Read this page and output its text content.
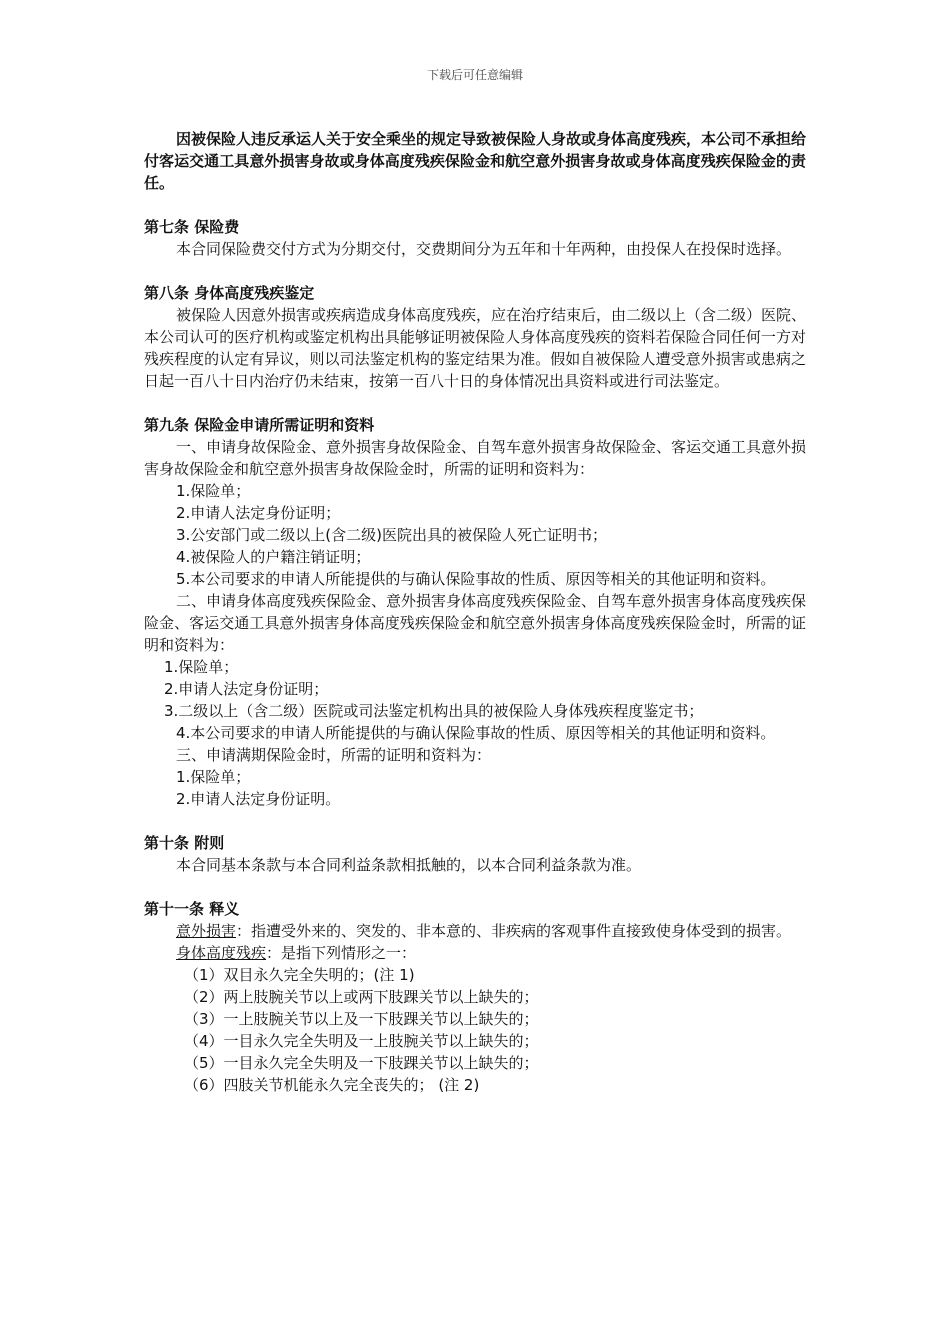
下载后可任意编辑

因被保险人违反承运人关于安全乘坐的规定导致被保险人身故或身体高度残疾，本公司不承担给付客运交通工具意外损害身故或身体高度残疾保险金和航空意外损害身故或身体高度残疾保险金的责任。

第七条 保险费

本合同保险费交付方式为分期交付，交费期间分为五年和十年两种，由投保人在投保时选择。

第八条 身体高度残疾鉴定

被保险人因意外损害或疾病造成身体高度残疾，应在治疗结束后，由二级以上（含二级）医院、本公司认可的医疗机构或鉴定机构出具能够证明被保险人身体高度残疾的资料若保险合同任何一方对残疾程度的认定有异议，则以司法鉴定机构的鉴定结果为准。假如自被保险人遭受意外损害或患病之日起一百八十日内治疗仍未结束，按第一百八十日的身体情况出具资料或进行司法鉴定。

第九条 保险金申请所需证明和资料

一、申请身故保险金、意外损害身故保险金、自驾车意外损害身故保险金、客运交通工具意外损害身故保险金和航空意外损害身故保险金时，所需的证明和资料为：

1.保险单；

2.申请人法定身份证明；

3.公安部门或二级以上(含二级)医院出具的被保险人死亡证明书；

4.被保险人的户籍注销证明；

5.本公司要求的申请人所能提供的与确认保险事故的性质、原因等相关的其他证明和资料。

二、申请身体高度残疾保险金、意外损害身体高度残疾保险金、自驾车意外损害身体高度残疾保险金、客运交通工具意外损害身体高度残疾保险金和航空意外损害身体高度残疾保险金时，所需的证明和资料为：

1.保险单；

2.申请人法定身份证明；

3.二级以上（含二级）医院或司法鉴定机构出具的被保险人身体残疾程度鉴定书；

4.本公司要求的申请人所能提供的与确认保险事故的性质、原因等相关的其他证明和资料。

三、申请满期保险金时，所需的证明和资料为：

1.保险单；

2.申请人法定身份证明。

第十条 附则

本合同基本条款与本合同利益条款相抵触的，以本合同利益条款为准。

第十一条 释义

意外损害：指遭受外来的、突发的、非本意的、非疾病的客观事件直接致使身体受到的损害。

身体高度残疾：是指下列情形之一：

（1）双目永久完全失明的；(注 1)

（2）两上肢腕关节以上或两下肢踝关节以上缺失的；

（3）一上肢腕关节以上及一下肢踝关节以上缺失的；

（4）一目永久完全失明及一上肢腕关节以上缺失的；

（5）一目永久完全失明及一下肢踝关节以上缺失的；

（6）四肢关节机能永久完全丧失的； (注 2)
